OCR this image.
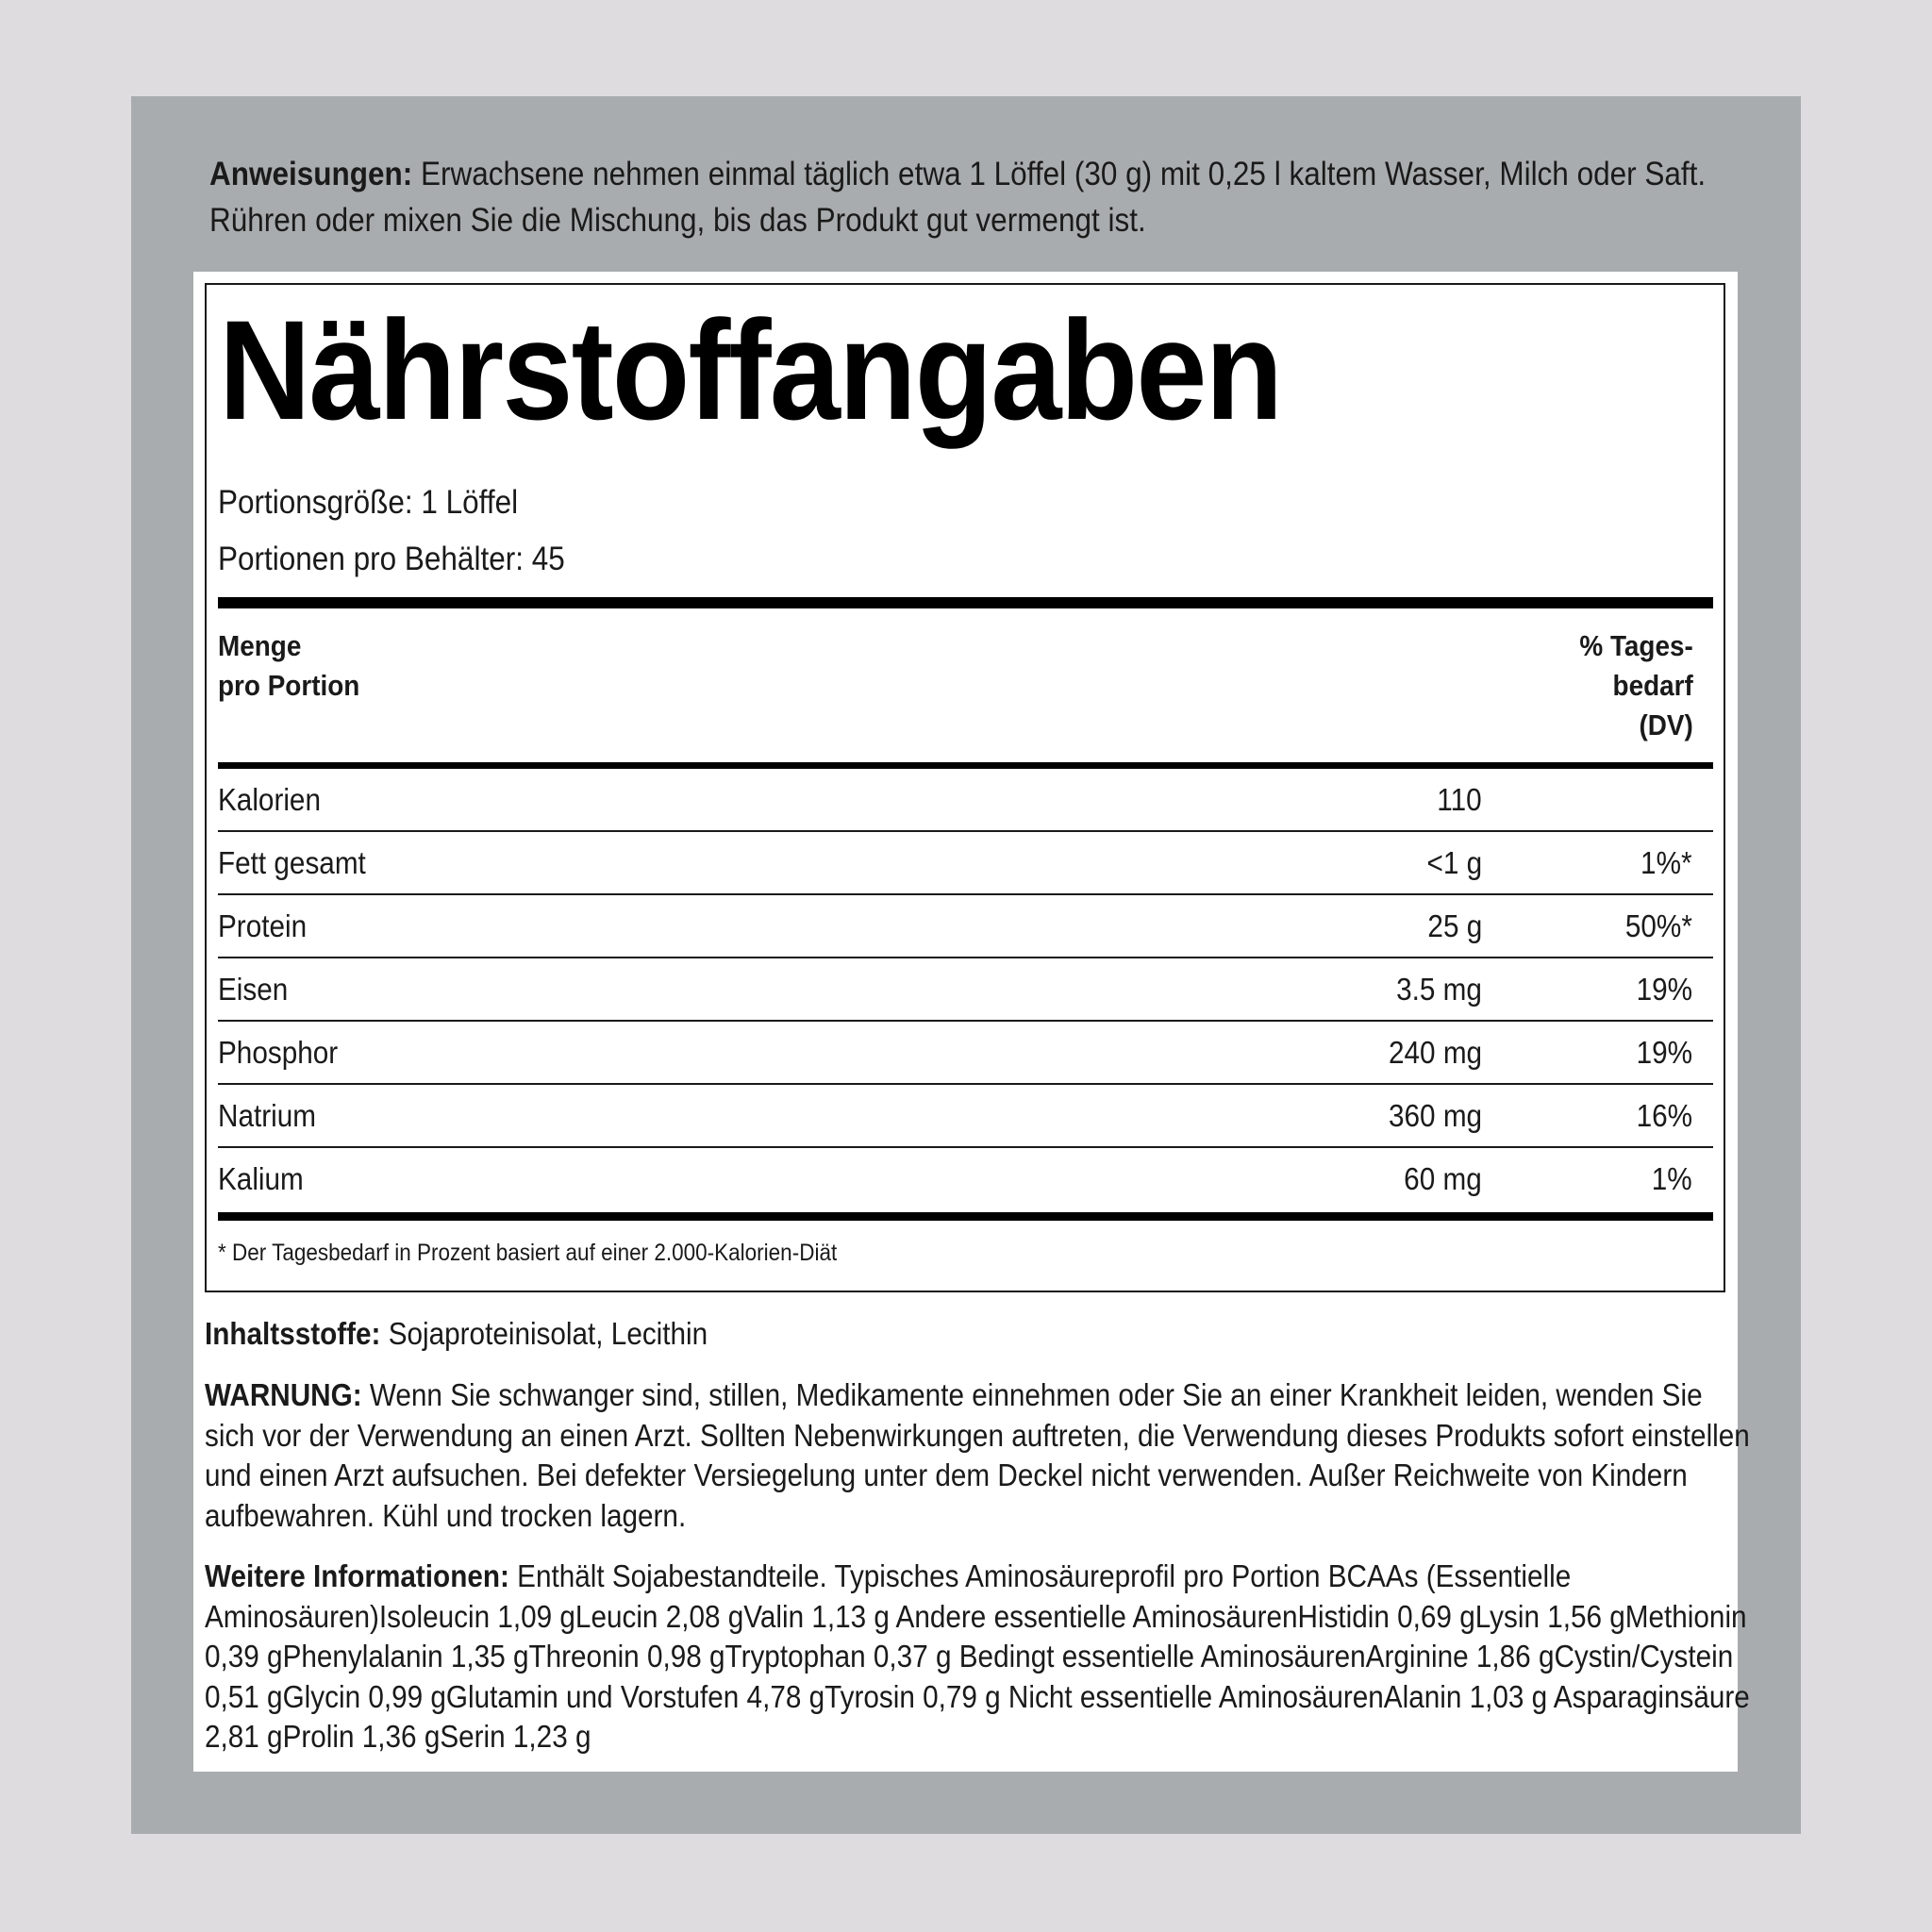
Anweisungen: Erwachsene nehmen einmal täglich etwa 1 Löffel (30 g) mit 0,25 l kaltem Wasser, Milch oder Saft. Rühren oder mixen Sie die Mischung, bis das Produkt gut vermengt ist.
Nährstoffangaben
Portionsgröße: 1 Löffel
Portionen pro Behälter: 45
Menge
pro Portion
% Tages-
bedarf
(DV)
Kalorien	110
Fett gesamt	<1 g	1%*
Protein	25 g	50%*
Eisen	3.5 mg	19%
Phosphor	240 mg	19%
Natrium	360 mg	16%
Kalium	60 mg	1%
* Der Tagesbedarf in Prozent basiert auf einer 2.000-Kalorien-Diät
Inhaltsstoffe: Sojaproteinisolat, Lecithin
WARNUNG: Wenn Sie schwanger sind, stillen, Medikamente einnehmen oder Sie an einer Krankheit leiden, wenden Sie sich vor der Verwendung an einen Arzt. Sollten Nebenwirkungen auftreten, die Verwendung dieses Produkts sofort einstellen und einen Arzt aufsuchen. Bei defekter Versiegelung unter dem Deckel nicht verwenden. Außer Reichweite von Kindern aufbewahren. Kühl und trocken lagern.
Weitere Informationen: Enthält Sojabestandteile. Typisches Aminosäureprofil pro Portion BCAAs (Essentielle Aminosäuren)Isoleucin 1,09 gLeucin 2,08 gValin 1,13 g Andere essentielle AminosäurenHistidin 0,69 gLysin 1,56 gMethionin 0,39 gPhenylalanin 1,35 gThreonin 0,98 gTryptophan 0,37 g Bedingt essentielle AminosäurenArginine 1,86 gCystin/Cystein 0,51 gGlycin 0,99 gGlutamin und Vorstufen 4,78 gTyrosin 0,79 g Nicht essentielle AminosäurenAlanin 1,03 g Asparaginsäure 2,81 gProlin 1,36 gSerin 1,23 g
